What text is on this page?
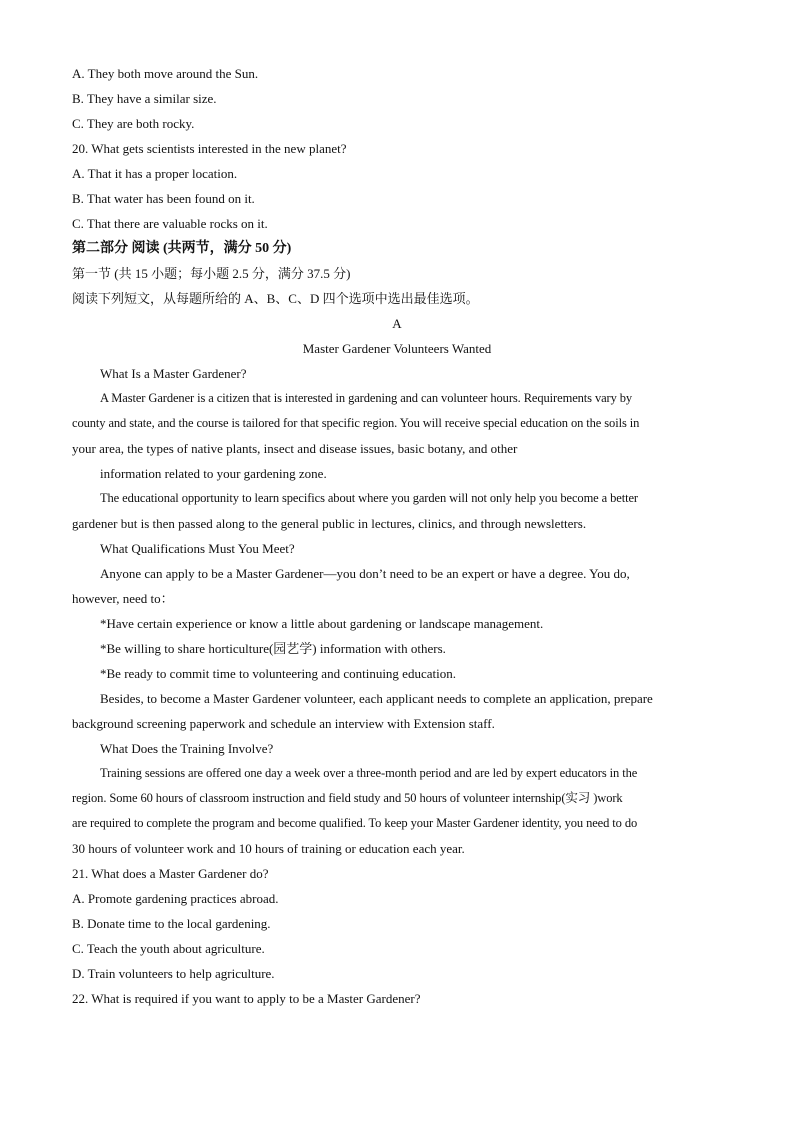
A. They both move around the Sun.
B. They have a similar size.
C. They are both rocky.
20. What gets scientists interested in the new planet?
A. That it has a proper location.
B. That water has been found on it.
C. That there are valuable rocks on it.
第二部分 阅读 (共两节，满分 50 分)
第一节 (共 15 小题；每小题 2.5 分，满分 37.5 分)
阅读下列短文，从每题所给的 A、B、C、D 四个选项中选出最佳选项。
A
Master Gardener Volunteers Wanted
What Is a Master Gardener?
A Master Gardener is a citizen that is interested in gardening and can volunteer hours. Requirements vary by
county and state, and the course is tailored for that specific region. You will receive special education on the soils in
your area, the types of native plants, insect and disease issues, basic botany, and other
information related to your gardening zone.
The educational opportunity to learn specifics about where you garden will not only help you become a better
gardener but is then passed along to the general public in lectures, clinics, and through newsletters.
What Qualifications Must You Meet?
Anyone can apply to be a Master Gardener—you don’t need to be an expert or have a degree. You do,
however, need to：
*Have certain experience or know a little about gardening or landscape management.
*Be willing to share horticulture(园艺学) information with others.
*Be ready to commit time to volunteering and continuing education.
Besides, to become a Master Gardener volunteer, each applicant needs to complete an application, prepare
background screening paperwork and schedule an interview with Extension staff.
What Does the Training Involve?
Training sessions are offered one day a week over a three-month period and are led by expert educators in the
region. Some 60 hours of classroom instruction and field study and 50 hours of volunteer internship(实习 )work
are required to complete the program and become qualified. To keep your Master Gardener identity, you need to do
30 hours of volunteer work and 10 hours of training or education each year.
21. What does a Master Gardener do?
A. Promote gardening practices abroad.
B. Donate time to the local gardening.
C. Teach the youth about agriculture.
D. Train volunteers to help agriculture.
22. What is required if you want to apply to be a Master Gardener?
